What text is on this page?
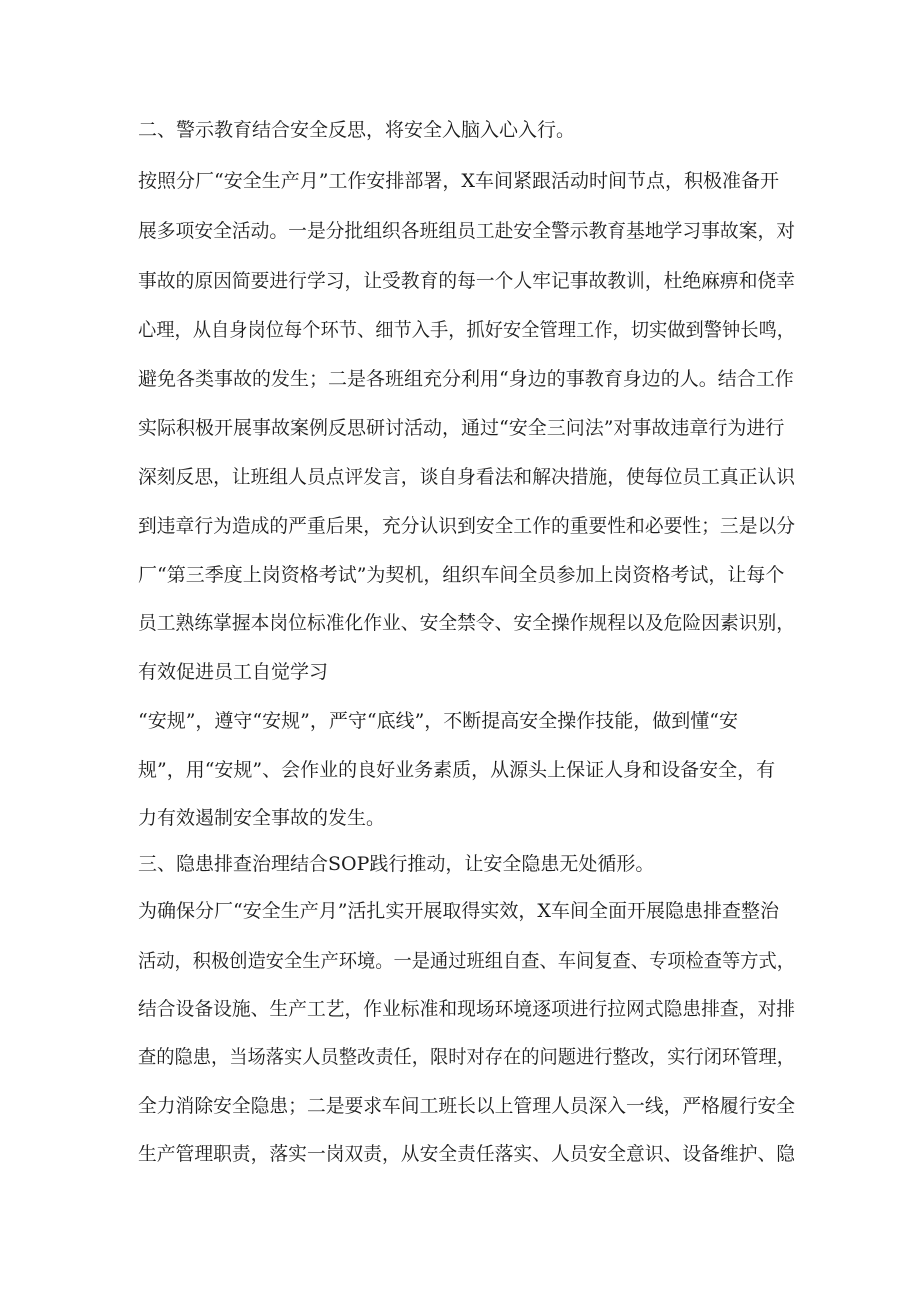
二、警示教育结合安全反思，将安全入脑入心入行。
按照分厂“安全生产月”工作安排部署，X车间紧跟活动时间节点，积极准备开
展多项安全活动。一是分批组织各班组员工赴安全警示教育基地学习事故案，对
事故的原因简要进行学习，让受教育的每一个人牢记事故教训，杜绝麻痹和侥幸
心理，从自身岗位每个环节、细节入手，抓好安全管理工作，切实做到警钟长鸣，
避免各类事故的发生；二是各班组充分利用“身边的事教育身边的人。结合工作
实际积极开展事故案例反思研讨活动，通过“安全三问法”对事故违章行为进行
深刻反思，让班组人员点评发言，谈自身看法和解决措施，使每位员工真正认识
到违章行为造成的严重后果，充分认识到安全工作的重要性和必要性；三是以分
厂“第三季度上岗资格考试”为契机，组织车间全员参加上岗资格考试，让每个
员工熟练掌握本岗位标准化作业、安全禁令、安全操作规程以及危险因素识别，
有效促进员工自觉学习
“安规”，遵守“安规”，严守“底线”，不断提高安全操作技能，做到懂“安
规”，用“安规”、会作业的良好业务素质，从源头上保证人身和设备安全，有
力有效遏制安全事故的发生。
三、隐患排查治理结合SOP践行推动，让安全隐患无处循形。
为确保分厂“安全生产月”活扎实开展取得实效，X车间全面开展隐患排查整治
活动，积极创造安全生产环境。一是通过班组自查、车间复查、专项检查等方式，
结合设备设施、生产工艺，作业标准和现场环境逐项进行拉网式隐患排查，对排
查的隐患，当场落实人员整改责任，限时对存在的问题进行整改，实行闭环管理，
全力消除安全隐患；二是要求车间工班长以上管理人员深入一线，严格履行安全
生产管理职责，落实一岗双责，从安全责任落实、人员安全意识、设备维护、隐
